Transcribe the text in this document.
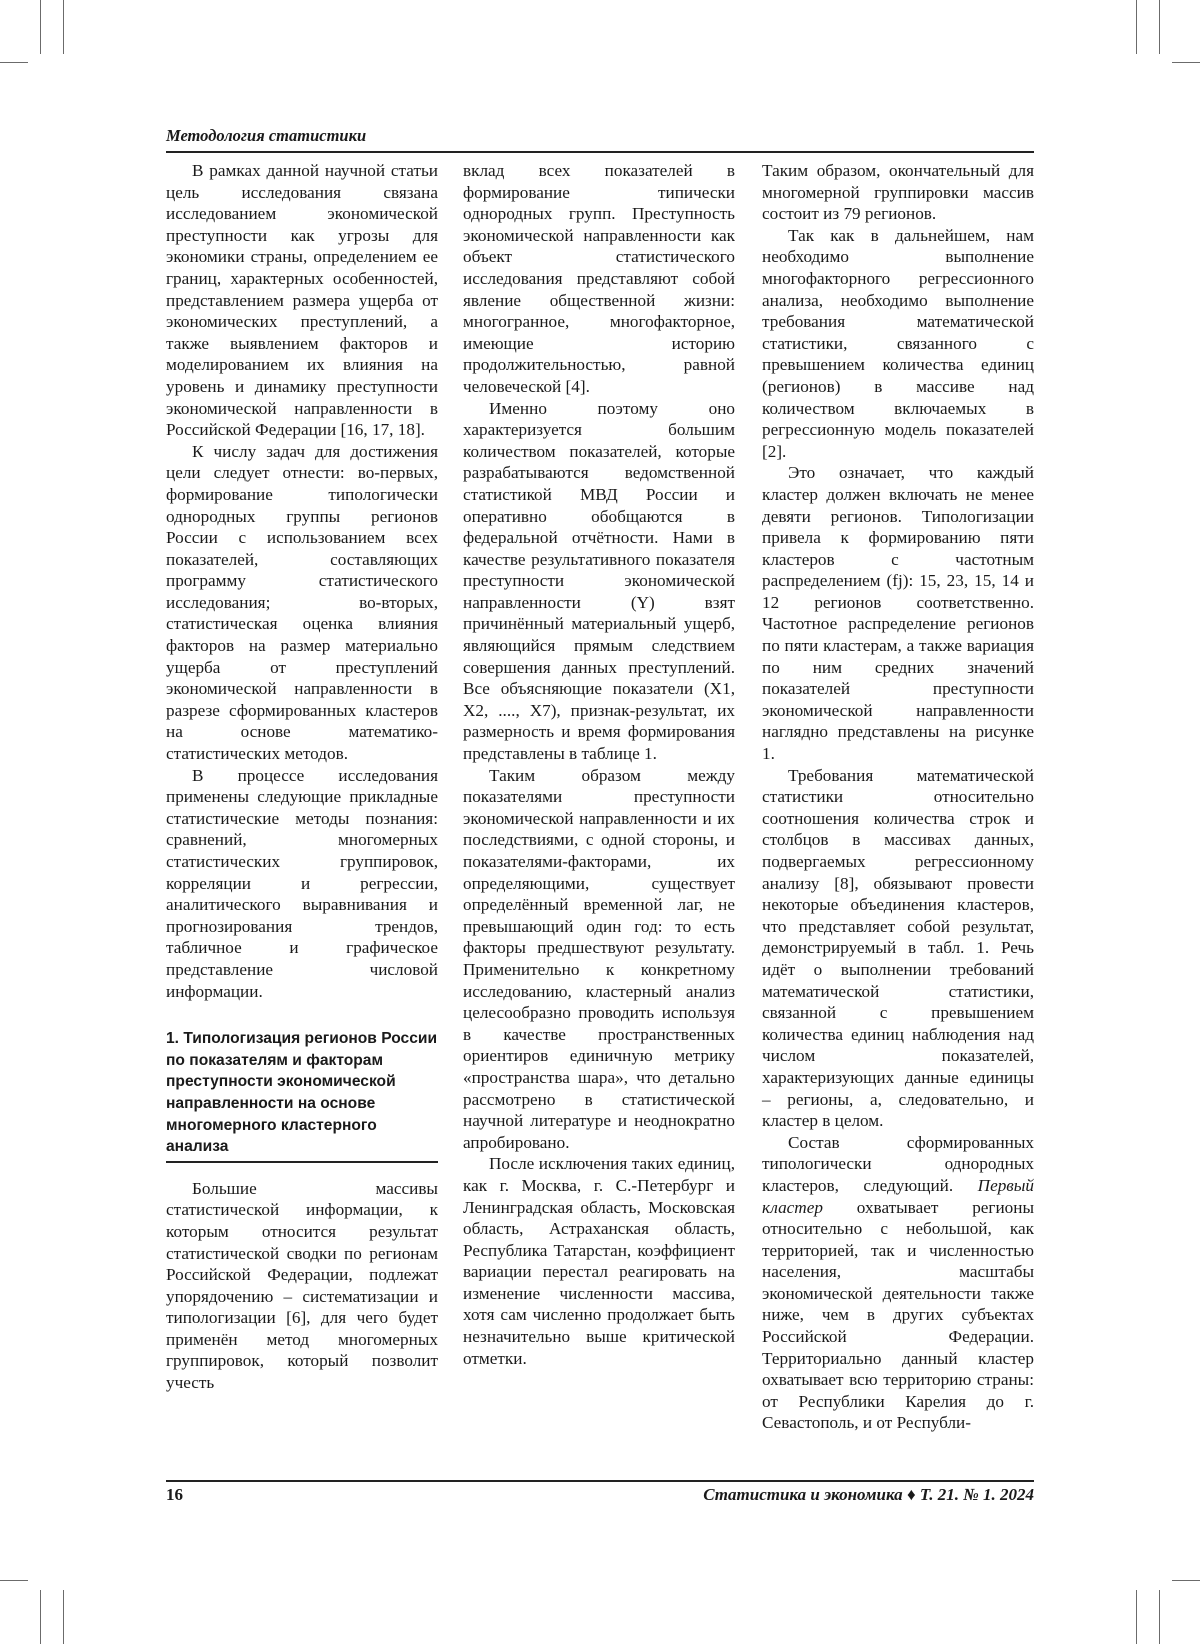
Методология статистики

В рамках данной научной статьи цель исследования связана исследованием экономической преступности как угрозы для экономики страны, определением ее границ, характерных особенностей, представлением размера ущерба от экономических преступлений, а также выявлением факторов и моделированием их влияния на уровень и динамику преступности экономической направленности в Российской Федерации [16, 17, 18].

К числу задач для достижения цели следует отнести: во-первых, формирование типологически однородных группы регионов России с использованием всех показателей, составляющих программу статистического исследования; во-вторых, статистическая оценка влияния факторов на размер материально ущерба от преступлений экономической направленности в разрезе сформированных кластеров на основе математико-статистических методов.

В процессе исследования применены следующие прикладные статистические методы познания: сравнений, многомерных статистических группировок, корреляции и регрессии, аналитического выравнивания и прогнозирования трендов, табличное и графическое представление числовой информации.

1. Типологизация регионов России по показателям и факторам преступности экономической направленности на основе многомерного кластерного анализа

Большие массивы статистической информации, к которым относится результат статистической сводки по регионам Российской Федерации, подлежат упорядочению – систематизации и типологизации [6], для чего будет применён метод многомерных группировок, который позволит учесть

вклад всех показателей в формирование типически однородных групп. Преступность экономической направленности как объект статистического исследования представляют собой явление общественной жизни: многогранное, многофакторное, имеющие историю продолжительностью, равной человеческой [4].

Именно поэтому оно характеризуется большим количеством показателей, которые разрабатываются ведомственной статистикой МВД России и оперативно обобщаются в федеральной отчётности. Нами в качестве результативного показателя преступности экономической направленности (Y) взят причинённый материальный ущерб, являющийся прямым следствием совершения данных преступлений. Все объясняющие показатели (X1, X2, ...., X7), признак-результат, их размерность и время формирования представлены в таблице 1.

Таким образом между показателями преступности экономической направленности и их последствиями, с одной стороны, и показателями-факторами, их определяющими, существует определённый временной лаг, не превышающий один год: то есть факторы предшествуют результату. Применительно к конкретному исследованию, кластерный анализ целесообразно проводить используя в качестве пространственных ориентиров единичную метрику «пространства шара», что детально рассмотрено в статистической научной литературе и неоднократно апробировано.

После исключения таких единиц, как г. Москва, г. С.-Петербург и Ленинградская область, Московская область, Астраханская область, Республика Татарстан, коэффициент вариации перестал реагировать на изменение численности массива, хотя сам численно продолжает быть незначительно выше критической отметки.

Таким образом, окончательный для многомерной группировки массив состоит из 79 регионов.

Так как в дальнейшем, нам необходимо выполнение многофакторного регрессионного анализа, необходимо выполнение требования математической статистики, связанного с превышением количества единиц (регионов) в массиве над количеством включаемых в регрессионную модель показателей [2].

Это означает, что каждый кластер должен включать не менее девяти регионов. Типологизации привела к формированию пяти кластеров с частотным распределением (fj): 15, 23, 15, 14 и 12 регионов соответственно. Частотное распределение регионов по пяти кластерам, а также вариация по ним средних значений показателей преступности экономической направленности наглядно представлены на рисунке 1.

Требования математической статистики относительно соотношения количества строк и столбцов в массивах данных, подвергаемых регрессионному анализу [8], обязывают провести некоторые объединения кластеров, что представляет собой результат, демонстрируемый в табл. 1. Речь идёт о выполнении требований математической статистики, связанной с превышением количества единиц наблюдения над числом показателей, характеризующих данные единицы – регионы, а, следовательно, и кластер в целом.

Состав сформированных типологически однородных кластеров, следующий. Первый кластер охватывает регионы относительно с небольшой, как территорией, так и численностью населения, масштабы экономической деятельности также ниже, чем в других субъектах Российской Федерации. Территориально данный кластер охватывает всю территорию страны: от Республики Карелия до г. Севастополь, и от Республи-

16	Статистика и экономика ♦ Т. 21. № 1. 2024
